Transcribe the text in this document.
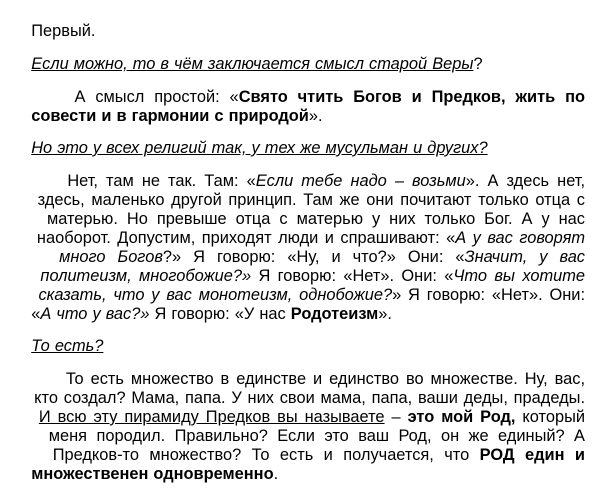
Первый.

Если можно, то в чём заключается смысл старой Веры?

А смысл простой: «Свято чтить Богов и Предков, жить по

совести и в гармонии с природой».

Но это у всех религий так, у тех же мусульман и других?

Нет, там не так. Там: «Если тебе надо – возьми». А здесь нет,

здесь, маленько другой принцип. Там же они почитают только отца с

матерью. Но превыше отца с матерью у них только Бог. А у нас

наоборот. Допустим, приходят люди и спрашивают: «А у вас говорят

много Богов?» Я говорю: «Ну, и что?» Они: «Значит, у вас

политеизм, многобожие?» Я говорю: «Нет». Они: «Что вы хотите

сказать, что у вас монотеизм, однобожие?» Я говорю: «Нет». Они:

«А что у вас?» Я говорю: «У нас Родотеизм».

То есть?

То есть множество в единстве и единство во множестве. Ну, вас,

кто создал? Мама, папа. У них свои мама, папа, ваши деды, прадеды.

И всю эту пирамиду Предков вы называете – это мой Род, который

меня породил. Правильно? Если это ваш Род, он же единый? А

Предков-то множество? То есть и получается, что РОД един и

множественен одновременно.
